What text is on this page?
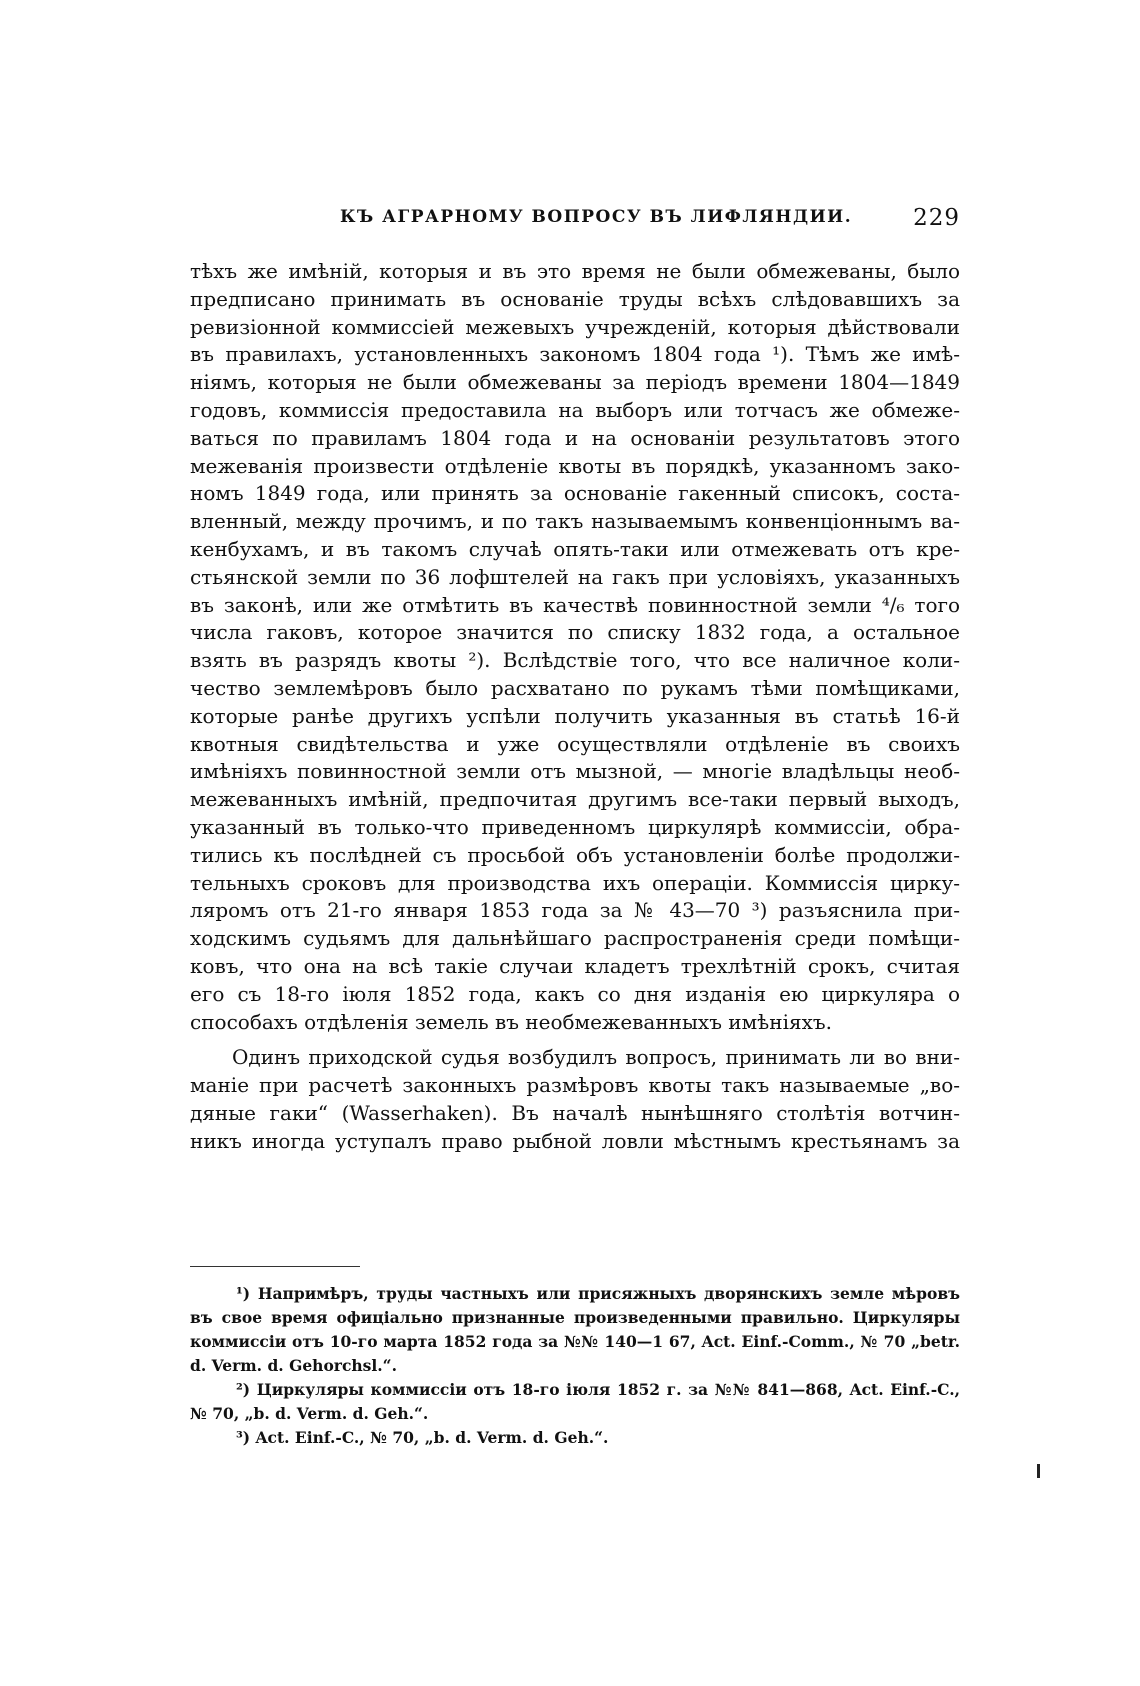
КЪ АГРАРНОМУ ВОПРОСУ ВЪ ЛИФЛЯНДИИ.	229

тѣхъ же имѣній, которыя и въ это время не были обмежеваны, было

предписано принимать въ основаніе труды всѣхъ слѣдовавшихъ за

ревизіонной коммиссіей межевыхъ учрежденій, которыя дѣйствовали

въ правилахъ, установленныхъ закономъ 1804 года ¹). Тѣмъ же имѣ-

ніямъ, которыя не были обмежеваны за періодъ времени 1804—1849

годовъ, коммиссія предоставила на выборъ или тотчасъ же обмеже-

ваться по правиламъ 1804 года и на основаніи результатовъ этого

межеванія произвести отдѣленіе квоты въ порядкѣ, указанномъ зако-

номъ 1849 года, или принять за основаніе гакенный списокъ, соста-

вленный, между прочимъ, и по такъ называемымъ конвенціоннымъ ва-

кенбухамъ, и въ такомъ случаѣ опять-таки или отмежевать отъ кре-

стьянской земли по 36 лофштелей на гакъ при условіяхъ, указанныхъ

въ законѣ, или же отмѣтить въ качествѣ повинностной земли ⁴/₆ того

числа гаковъ, которое значится по списку 1832 года, а остальное

взять въ разрядъ квоты ²). Вслѣдствіе того, что все наличное коли-

чество землемѣровъ было расхватано по рукамъ тѣми помѣщиками,

которые ранѣе другихъ успѣли получить указанныя въ статьѣ 16-й

квотныя свидѣтельства и уже осуществляли отдѣленіе въ своихъ

имѣніяхъ повинностной земли отъ мызной, — многіе владѣльцы необ-

межеванныхъ имѣній, предпочитая другимъ все-таки первый выходъ,

указанный въ только-что приведенномъ циркулярѣ коммиссіи, обра-

тились къ послѣдней съ просьбой объ установленіи болѣе продолжи-

тельныхъ сроковъ для производства ихъ операціи. Коммиссія цирку-

ляромъ отъ 21-го января 1853 года за № 43—70 ³) разъяснила при-

ходскимъ судьямъ для дальнѣйшаго распространенія среди помѣщи-

ковъ, что она на всѣ такіе случаи кладетъ трехлѣтній срокъ, считая

его съ 18-го іюля 1852 года, какъ со дня изданія ею циркуляра о

способахъ отдѣленія земель въ необмежеванныхъ имѣніяхъ.

Одинъ приходской судья возбудилъ вопросъ, принимать ли во вни-

маніе при расчетѣ законныхъ размѣровъ квоты такъ называемые „во-

дяные гаки“ (Wasserhaken). Въ началѣ нынѣшняго столѣтія вотчин-

никъ иногда уступалъ право рыбной ловли мѣстнымъ крестьянамъ за

¹) Напримѣръ, труды частныхъ или присяжныхъ дворянскихъ земле мѣровъ въ свое время офиціально признанные произведенными правильно. Циркуляры коммиссіи отъ 10-го марта 1852 года за №№ 140—1 67, Act. Einf.-Comm., № 70 „betr. d. Verm. d. Gehorchsl.“.

²) Циркуляры коммиссіи отъ 18-го іюля 1852 г. за №№ 841—868, Act. Einf.-C., № 70, „b. d. Verm. d. Geh.“.

³) Act. Einf.-C., № 70, „b. d. Verm. d. Geh.“.
